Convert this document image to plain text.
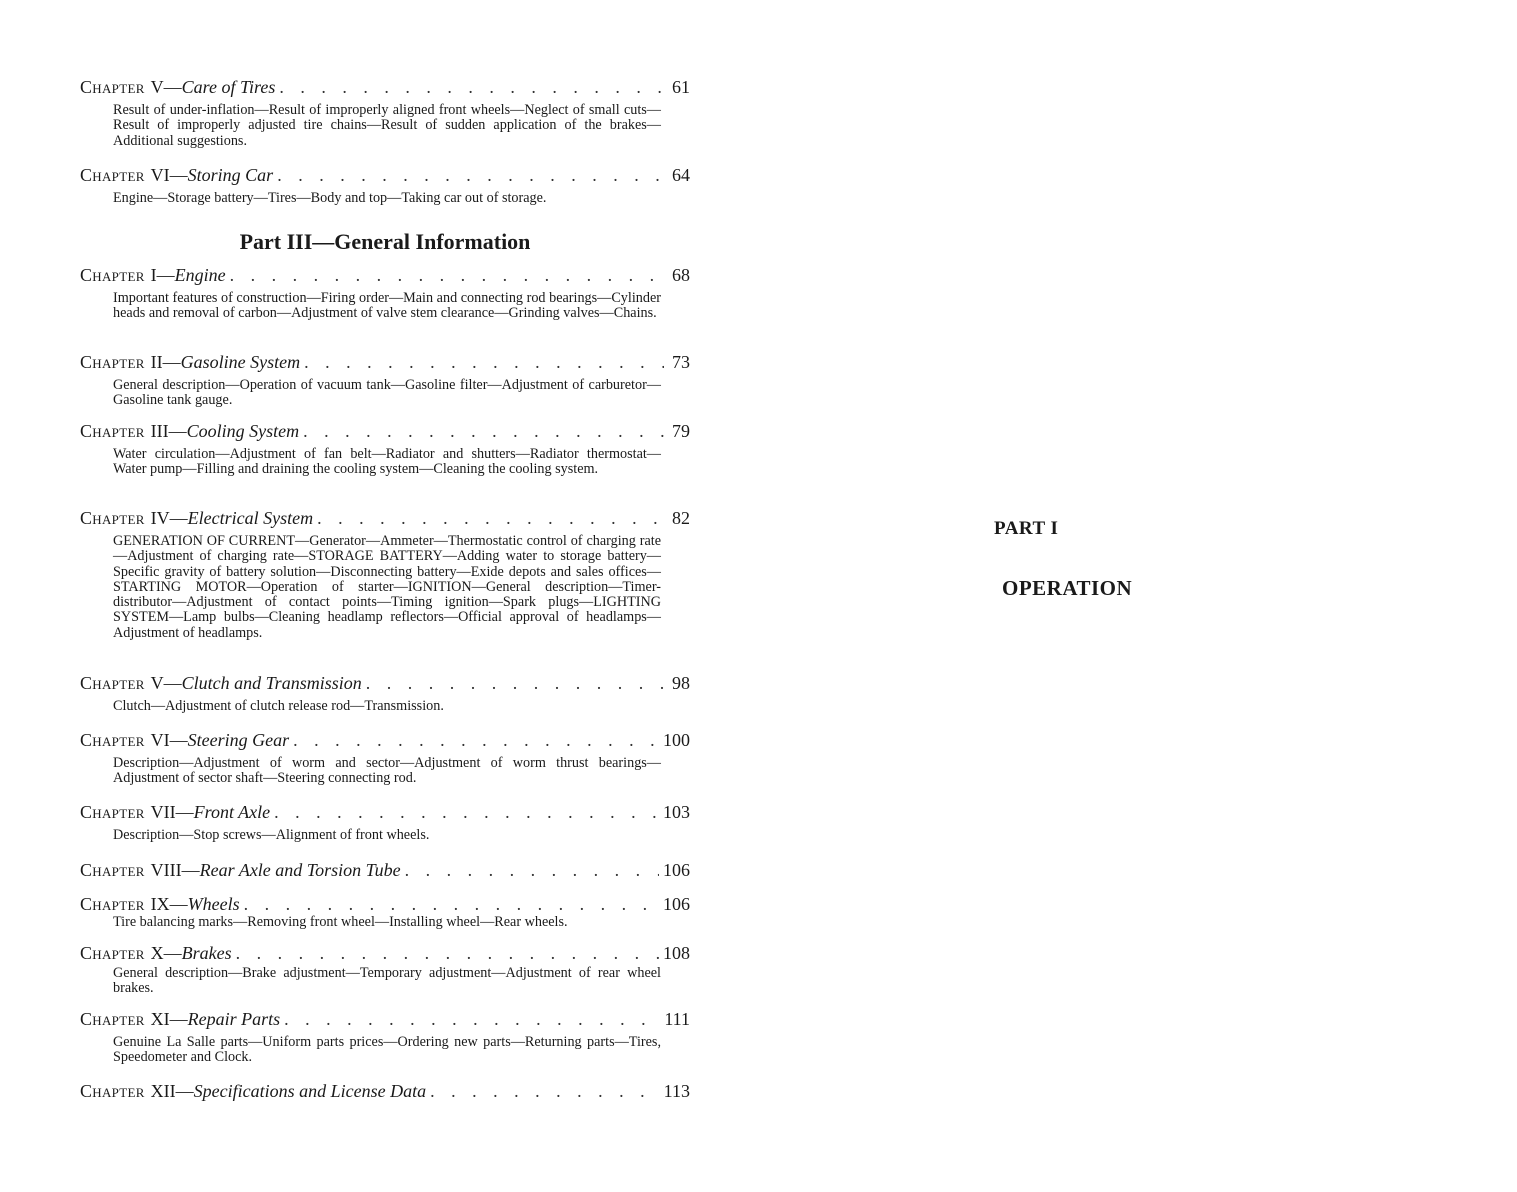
Chapter V — Care of Tires . . .	61
Result of under-inflation—Result of improperly aligned front wheels—Neglect of small cuts—Result of improperly adjusted tire chains—Result of sudden application of the brakes—Additional suggestions.
Chapter VI — Storing Car . . .	64
Engine—Storage battery—Tires—Body and top—Taking car out of storage.
Part III—General Information
Chapter I — Engine . . .	68
Important features of construction—Firing order—Main and connecting rod bearings—Cylinder heads and removal of carbon—Adjustment of valve stem clearance—Grinding valves—Chains.
Chapter II — Gasoline System . . .	73
General description—Operation of vacuum tank—Gasoline filter—Adjustment of carburetor—Gasoline tank gauge.
Chapter III — Cooling System . . .	79
Water circulation—Adjustment of fan belt—Radiator and shutters—Radiator thermostat—Water pump—Filling and draining the cooling system—Cleaning the cooling system.
Chapter IV — Electrical System . . .	82
GENERATION OF CURRENT—Generator—Ammeter—Thermostatic control of charging rate—Adjustment of charging rate—STORAGE BATTERY—Adding water to storage battery—Specific gravity of battery solution—Disconnecting battery—Exide depots and sales offices—STARTING MOTOR—Operation of starter—IGNITION—General description—Timer-distributor—Adjustment of contact points—Timing ignition—Spark plugs—LIGHTING SYSTEM—Lamp bulbs—Cleaning headlamp reflectors—Official approval of headlamps—Adjustment of headlamps.
Chapter V — Clutch and Transmission . . .	98
Clutch—Adjustment of clutch release rod—Transmission.
Chapter VI — Steering Gear . . .	100
Description—Adjustment of worm and sector—Adjustment of worm thrust bearings—Adjustment of sector shaft—Steering connecting rod.
Chapter VII — Front Axle . . .	103
Description—Stop screws—Alignment of front wheels.
Chapter VIII — Rear Axle and Torsion Tube . . .	106
Chapter IX — Wheels . . .	106
Tire balancing marks—Removing front wheel—Installing wheel—Rear wheels.
Chapter X — Brakes . . .	108
General description—Brake adjustment—Temporary adjustment—Adjustment of rear wheel brakes.
Chapter XI — Repair Parts . . .	111
Genuine La Salle parts—Uniform parts prices—Ordering new parts—Returning parts—Tires, Speedometer and Clock.
Chapter XII — Specifications and License Data . . .	113
PART I
OPERATION
